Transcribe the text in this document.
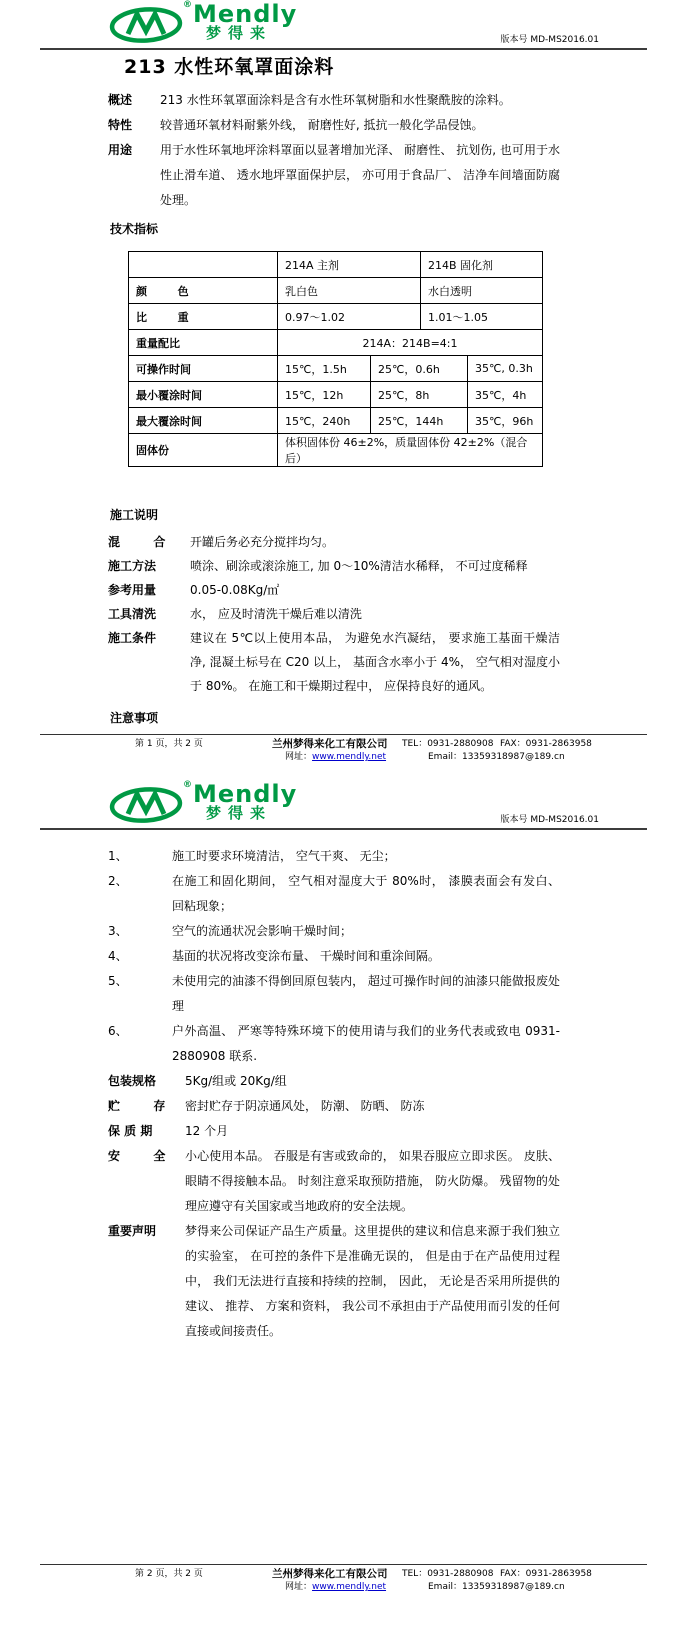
® Mendly
梦得来	版本号 MD-MS2016.01
213 水性环氧罩面涂料
概述	213 水性环氧罩面涂料是含有水性环氧树脂和水性聚酰胺的涂料。
特性	较普通环氧材料耐紫外线， 耐磨性好, 抵抗一般化学品侵蚀。
用途	用于水性环氧地坪涂料罩面以显著增加光泽、 耐磨性、 抗划伤, 也可用于水性止滑车道、 透水地坪罩面保护层， 亦可用于食品厂、 洁净车间墙面防腐处理。
技术指标
	214A 主剂		214B 固化剂	
颜        色	乳白色		水白透明	
比        重	0.97～1.02		1.01～1.05	
重量配比	214A：214B=4:1			
可操作时间	15℃，1.5h	25℃，0.6h		35℃, 0.3h
最小覆涂时间	15℃，12h	25℃，8h		35℃，4h
最大覆涂时间	15℃，240h	25℃，144h		35℃，96h
固体份	体积固体份 46±2%，质量固体份 42±2%（混合后）			
施工说明
混        合	开罐后务必充分搅拌均匀。
施工方法	喷涂、刷涂或滚涂施工, 加 0～10%清洁水稀释， 不可过度稀释
参考用量	0.05-0.08Kg/㎡
工具清洗	水， 应及时清洗干燥后难以清洗
施工条件	建议在 5℃以上使用本品， 为避免水汽凝结， 要求施工基面干燥洁净, 混凝土标号在 C20 以上， 基面含水率小于 4%， 空气相对湿度小于 80%。 在施工和干燥期过程中， 应保持良好的通风。
注意事项
第 1 页，共 2 页	兰州梦得来化工有限公司 TEL：0931-2880908 FAX：0931-2863958
网址：www.mendly.net	Email：13359318987@189.cn
® Mendly
梦得来	版本号 MD-MS2016.01
1、	施工时要求环境清洁， 空气干爽、 无尘；
2、	在施工和固化期间， 空气相对湿度大于 80%时， 漆膜表面会有发白、 回粘现象；
3、	空气的流通状况会影响干燥时间；
4、	基面的状况将改变涂布量、 干燥时间和重涂间隔。
5、	未使用完的油漆不得倒回原包装内， 超过可操作时间的油漆只能做报废处理
6、	户外高温、 严寒等特殊环境下的使用请与我们的业务代表或致电 0931-2880908 联系.
包装规格	5Kg/组或 20Kg/组
贮        存	密封贮存于阴凉通风处， 防潮、 防晒、 防冻
保 质 期	12 个月
安        全	小心使用本品。 吞服是有害或致命的， 如果吞服应立即求医。 皮肤、 眼睛不得接触本品。 时刻注意采取预防措施， 防火防爆。 残留物的处理应遵守有关国家或当地政府的安全法规。
重要声明	梦得来公司保证产品生产质量。这里提供的建议和信息来源于我们独立的实验室， 在可控的条件下是准确无误的， 但是由于在产品使用过程中， 我们无法进行直接和持续的控制， 因此， 无论是否采用所提供的建议、 推荐、 方案和资料， 我公司不承担由于产品使用而引发的任何直接或间接责任。
第 2 页，共 2 页	兰州梦得来化工有限公司 TEL：0931-2880908 FAX：0931-2863958
网址：www.mendly.net	Email：13359318987@189.cn
